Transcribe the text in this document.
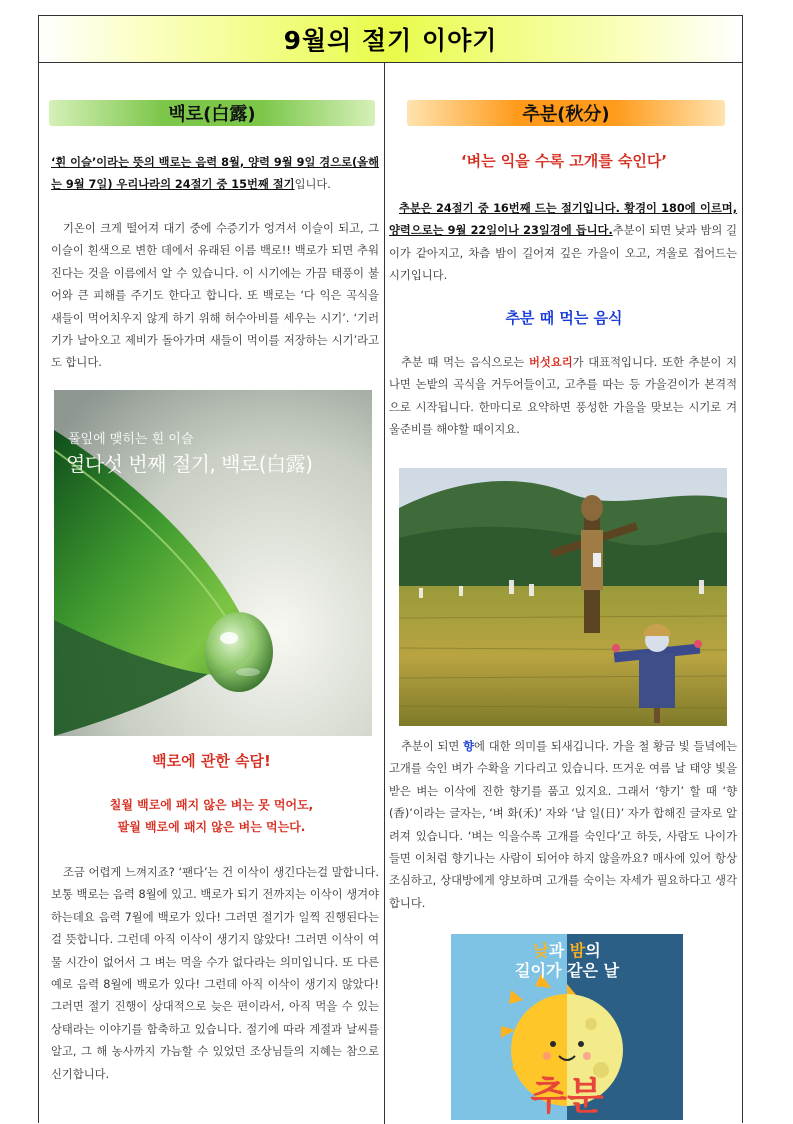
9월의 절기 이야기
백로(白露)

‘흰 이슬’이라는 뜻의 백로는 음력 8월, 양력 9월 9일 경으로(올해는 9월 7일) 우리나라의 24절기 중 15번째 절기입니다.

기온이 크게 떨어져 대기 중에 수증기가 엉겨서 이슬이 되고, 그 이슬이 흰색으로 변한 데에서 유래된 이름 백로!! 백로가 되면 추워진다는 것을 이름에서 알 수 있습니다. 이 시기에는 가끔 태풍이 불어와 큰 피해를 주기도 한다고 합니다. 또 백로는 ‘다 익은 곡식을 새들이 먹어치우지 않게 하기 위해 허수아비를 세우는 시기’. ‘기러기가 날아오고 제비가 돌아가며 새들이 먹이를 저장하는 시기’라고도 합니다.

풀잎에 맺히는 흰 이슬
열다섯 번째 절기, 백로(白露)
백로에 관한 속담!
칠월 백로에 패지 않은 벼는 못 먹어도,
팔월 백로에 패지 않은 벼는 먹는다.

조금 어렵게 느껴지죠? ‘팬다’는 건 이삭이 생긴다는걸 말합니다. 보통 백로는 음력 8월에 있고. 백로가 되기 전까지는 이삭이 생겨야 하는데요 음력 7월에 백로가 있다! 그러면 절기가 일찍 진행된다는걸 뜻합니다. 그런데 아직 이삭이 생기지 않았다! 그러면 이삭이 여물 시간이 없어서 그 벼는 먹을 수가 없다라는 의미입니다. 또 다른 예로 음력 8월에 백로가 있다! 그런데 아직 이삭이 생기지 않았다! 그러면 절기 진행이 상대적으로 늦은 편이라서, 아직 먹을 수 있는 상태라는 이야기를 함축하고 있습니다. 절기에 따라 계절과 날씨를 알고, 그 해 농사까지 가늠할 수 있었던 조상님들의 지혜는 참으로 신기합니다.

추분(秋分)
‘벼는 익을 수록 고개를 숙인다’

추분은 24절기 중 16번째 드는 절기입니다. 황경이 180에 이르며, 양력으로는 9월 22일이나 23일경에 듭니다.추분이 되면 낮과 밤의 길이가 같아지고, 차츰 밤이 길어져 깊은 가을이 오고, 겨울로 접어드는 시기입니다.

추분 때 먹는 음식

추분 때 먹는 음식으로는 버섯요리가 대표적입니다. 또한 추분이 지나면 논밭의 곡식을 거두어들이고, 고추를 따는 등 가을걷이가 본격적으로 시작됩니다. 한마디로 요약하면 풍성한 가을을 맞보는 시기로 겨울준비를 해야할 때이지요.

추분이 되면 향에 대한 의미를 되새깁니다. 가을 철 황금 빛 들녘에는 고개를 숙인 벼가 수확을 기다리고 있습니다. 뜨거운 여름 날 태양 빛을 받은 벼는 이삭에 진한 향기를 품고 있지요. 그래서 ‘향기’ 할 때 ‘향(香)’이라는 글자는, ‘벼 화(禾)’ 자와 ‘날 일(日)’ 자가 합해진 글자로 알려져 있습니다. ‘벼는 익을수록 고개를 숙인다’고 하듯, 사람도 나이가 들면 이처럼 향기나는 사람이 되어야 하지 않을까요? 매사에 있어 항상 조심하고, 상대방에게 양보하며 고개를 숙이는 자세가 필요하다고 생각합니다.

낮과 밤의
길이가 같은 날
추분
